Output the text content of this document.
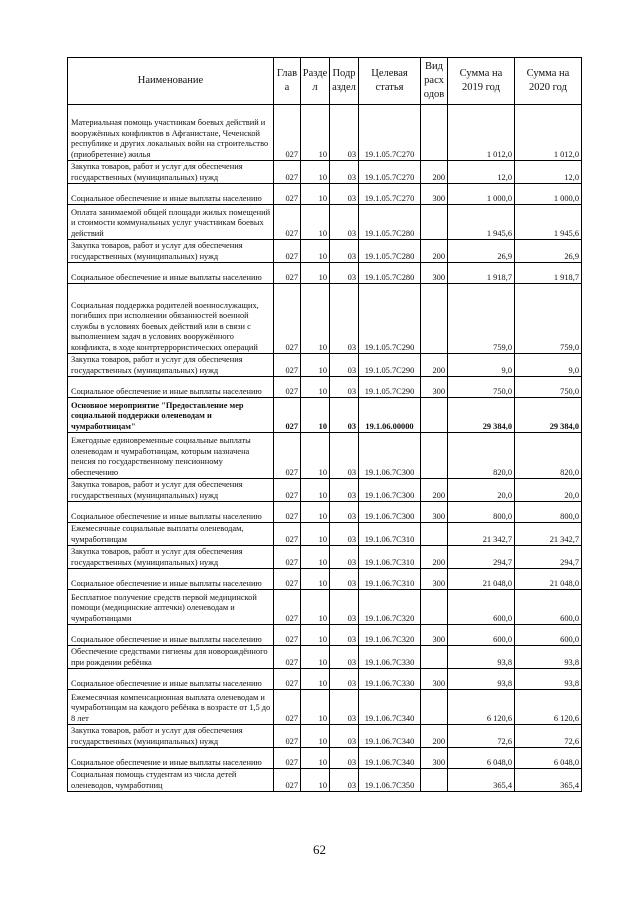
Наименование	Глав а	Разде л	Подр аздел	Целевая статья	Вид расх одов	Сумма на 2019 год	Сумма на 2020 год
Материальная помощь участникам боевых действий и вооружённых конфликтов в Афганистане, Чеченской республике и других локальных войн на строительство (приобретение) жилья	027	10	03	19.1.05.7С270		1 012,0	1 012,0
Закупка товаров, работ и услуг для обеспечения государственных (муниципальных) нужд	027	10	03	19.1.05.7С270	200	12,0	12,0
Социальное обеспечение и иные выплаты населению	027	10	03	19.1.05.7С270	300	1 000,0	1 000,0
Оплата занимаемой общей площади жилых помещений и стоимости коммунальных услуг участникам боевых действий	027	10	03	19.1.05.7С280		1 945,6	1 945,6
Закупка товаров, работ и услуг для обеспечения государственных (муниципальных) нужд	027	10	03	19.1.05.7С280	200	26,9	26,9
Социальное обеспечение и иные выплаты населению	027	10	03	19.1.05.7С280	300	1 918,7	1 918,7
Социальная поддержка родителей военнослужащих, погибших при исполнении обязанностей военной службы в условиях боевых действий или в связи с выполнением задач в условиях вооружённого конфликта, в ходе контртеррористических операций	027	10	03	19.1.05.7С290		759,0	759,0
Закупка товаров, работ и услуг для обеспечения государственных (муниципальных) нужд	027	10	03	19.1.05.7С290	200	9,0	9,0
Социальное обеспечение и иные выплаты населению	027	10	03	19.1.05.7С290	300	750,0	750,0
Основное мероприятие "Предоставление мер социальной поддержки оленеводам и чумработницам"	027	10	03	19.1.06.00000		29 384,0	29 384,0
Ежегодные единовременные социальные выплаты оленеводам и чумработницам, которым назначена пенсия по государственному пенсионному обеспечению	027	10	03	19.1.06.7С300		820,0	820,0
Закупка товаров, работ и услуг для обеспечения государственных (муниципальных) нужд	027	10	03	19.1.06.7С300	200	20,0	20,0
Социальное обеспечение и иные выплаты населению	027	10	03	19.1.06.7С300	300	800,0	800,0
Ежемесячные социальные выплаты оленеводам, чумработницам	027	10	03	19.1.06.7С310		21 342,7	21 342,7
Закупка товаров, работ и услуг для обеспечения государственных (муниципальных) нужд	027	10	03	19.1.06.7С310	200	294,7	294,7
Социальное обеспечение и иные выплаты населению	027	10	03	19.1.06.7С310	300	21 048,0	21 048,0
Бесплатное получение средств первой медицинской помощи (медицинские аптечки) оленеводам и чумработницами	027	10	03	19.1.06.7С320		600,0	600,0
Социальное обеспечение и иные выплаты населению	027	10	03	19.1.06.7С320	300	600,0	600,0
Обеспечение средствами гигиены для новорождённого при рождении ребёнка	027	10	03	19.1.06.7С330		93,8	93,8
Социальное обеспечение и иные выплаты населению	027	10	03	19.1.06.7С330	300	93,8	93,8
Ежемесячная компенсационная выплата оленеводам и чумработницам на каждого ребёнка в возрасте от 1,5 до 8 лет	027	10	03	19.1.06.7С340		6 120,6	6 120,6
Закупка товаров, работ и услуг для обеспечения государственных (муниципальных) нужд	027	10	03	19.1.06.7С340	200	72,6	72,6
Социальное обеспечение и иные выплаты населению	027	10	03	19.1.06.7С340	300	6 048,0	6 048,0
Социальная помощь студентам из числа детей оленеводов, чумработниц	027	10	03	19.1.06.7С350		365,4	365,4
62
